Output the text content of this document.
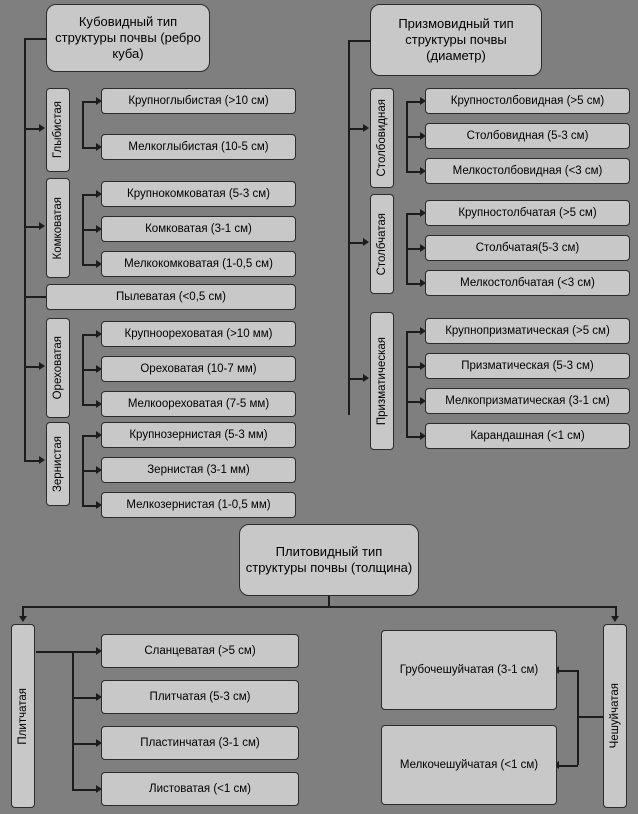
Кубовидный тип структуры почвы (ребро куба)
Глыбистая
Комковатая
Ореховатая
Зернистая
Крупноглыбистая (>10 см)
Мелкоглыбистая (10-5 см)
Крупнокомковатая (5-3 см)
Комковатая (3-1 см)
Мелкокомковатая (1-0,5 см)
Пылеватая (<0,5 см)
Крупноореховатая (>10 мм)
Ореховатая (10-7 мм)
Мелкоореховатая (7-5 мм)
Крупнозернистая (5-3 мм)
Зернистая (3-1 мм)
Мелкозернистая (1-0,5 мм)
Призмовидный тип структуры почвы (диаметр)
Столбовидная
Столбчатая
Призматическая
Крупностолбовидная (>5 см)
Столбовидная (5-3 см)
Мелкостолбовидная (<3 см)
Крупностолбчатая (>5 см)
Столбчатая(5-3 см)
Мелкостолбчатая (<3 см)
Крупнопризматическая (>5 см)
Призматическая (5-3 см)
Мелкопризматическая (3-1 см)
Карандашная (<1 см)
Плитовидный тип структуры почвы (толщина)
Плитчатая	Чешуйчатая
Сланцеватая (>5 см)
Плитчатая (5-3 см)
Пластинчатая (3-1 см)
Листоватая (<1 см)
Грубочешуйчатая (3-1 см)
Мелкочешуйчатая (<1 см)
